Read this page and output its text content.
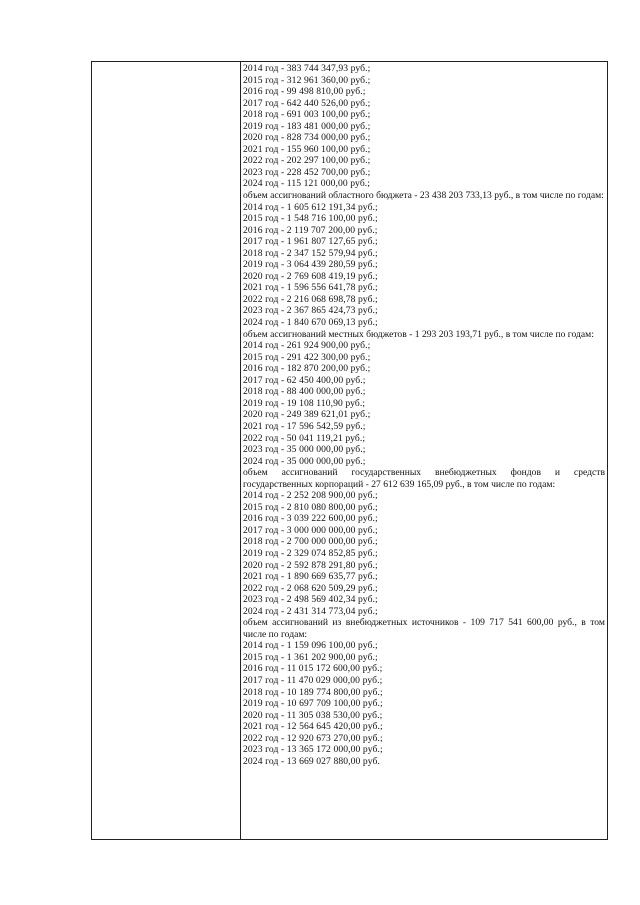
2014 год - 383 744 347,93 руб.;
2015 год - 312 961 360,00 руб.;
2016 год - 99 498 810,00 руб.;
2017 год - 642 440 526,00 руб.;
2018 год - 691 003 100,00 руб.;
2019 год - 183 481 000,00 руб.;
2020 год - 828 734 000,00 руб.;
2021 год - 155 960 100,00 руб.;
2022 год - 202 297 100,00 руб.;
2023 год - 228 452 700,00 руб.;
2024 год - 115 121 000,00 руб.;
объем ассигнований областного бюджета - 23 438 203 733,13 руб., в том числе по годам:
2014 год - 1 605 612 191,34 руб.;
2015 год - 1 548 716 100,00 руб.;
2016 год - 2 119 707 200,00 руб.;
2017 год - 1 961 807 127,65 руб.;
2018 год - 2 347 152 579,94 руб.;
2019 год - 3 064 439 280,59 руб.;
2020 год - 2 769 608 419,19 руб.;
2021 год - 1 596 556 641,78 руб.;
2022 год - 2 216 068 698,78 руб.;
2023 год - 2 367 865 424,73 руб.;
2024 год - 1 840 670 069,13 руб.;
объем ассигнований местных бюджетов - 1 293 203 193,71 руб., в том числе по годам:
2014 год - 261 924 900,00 руб.;
2015 год - 291 422 300,00 руб.;
2016 год - 182 870 200,00 руб.;
2017 год - 62 450 400,00 руб.;
2018 год - 88 400 000,00 руб.;
2019 год - 19 108 110,90 руб.;
2020 год - 249 389 621,01 руб.;
2021 год - 17 596 542,59 руб.;
2022 год - 50 041 119,21 руб.;
2023 год - 35 000 000,00 руб.;
2024 год - 35 000 000,00 руб.;
объем ассигнований государственных внебюджетных фондов и средств государственных корпораций - 27 612 639 165,09 руб., в том числе по годам:
2014 год - 2 252 208 900,00 руб.;
2015 год - 2 810 080 800,00 руб.;
2016 год - 3 039 222 600,00 руб.;
2017 год - 3 000 000 000,00 руб.;
2018 год - 2 700 000 000,00 руб.;
2019 год - 2 329 074 852,85 руб.;
2020 год - 2 592 878 291,80 руб.;
2021 год - 1 890 669 635,77 руб.;
2022 год - 2 068 620 509,29 руб.;
2023 год - 2 498 569 402,34 руб.;
2024 год - 2 431 314 773,04 руб.;
объем ассигнований из внебюджетных источников - 109 717 541 600,00 руб., в том числе по годам:
2014 год - 1 159 096 100,00 руб.;
2015 год - 1 361 202 900,00 руб.;
2016 год - 11 015 172 600,00 руб.;
2017 год - 11 470 029 000,00 руб.;
2018 год - 10 189 774 800,00 руб.;
2019 год - 10 697 709 100,00 руб.;
2020 год - 11 305 038 530,00 руб.;
2021 год - 12 564 645 420,00 руб.;
2022 год - 12 920 673 270,00 руб.;
2023 год - 13 365 172 000,00 руб.;
2024 год - 13 669 027 880,00 руб.
